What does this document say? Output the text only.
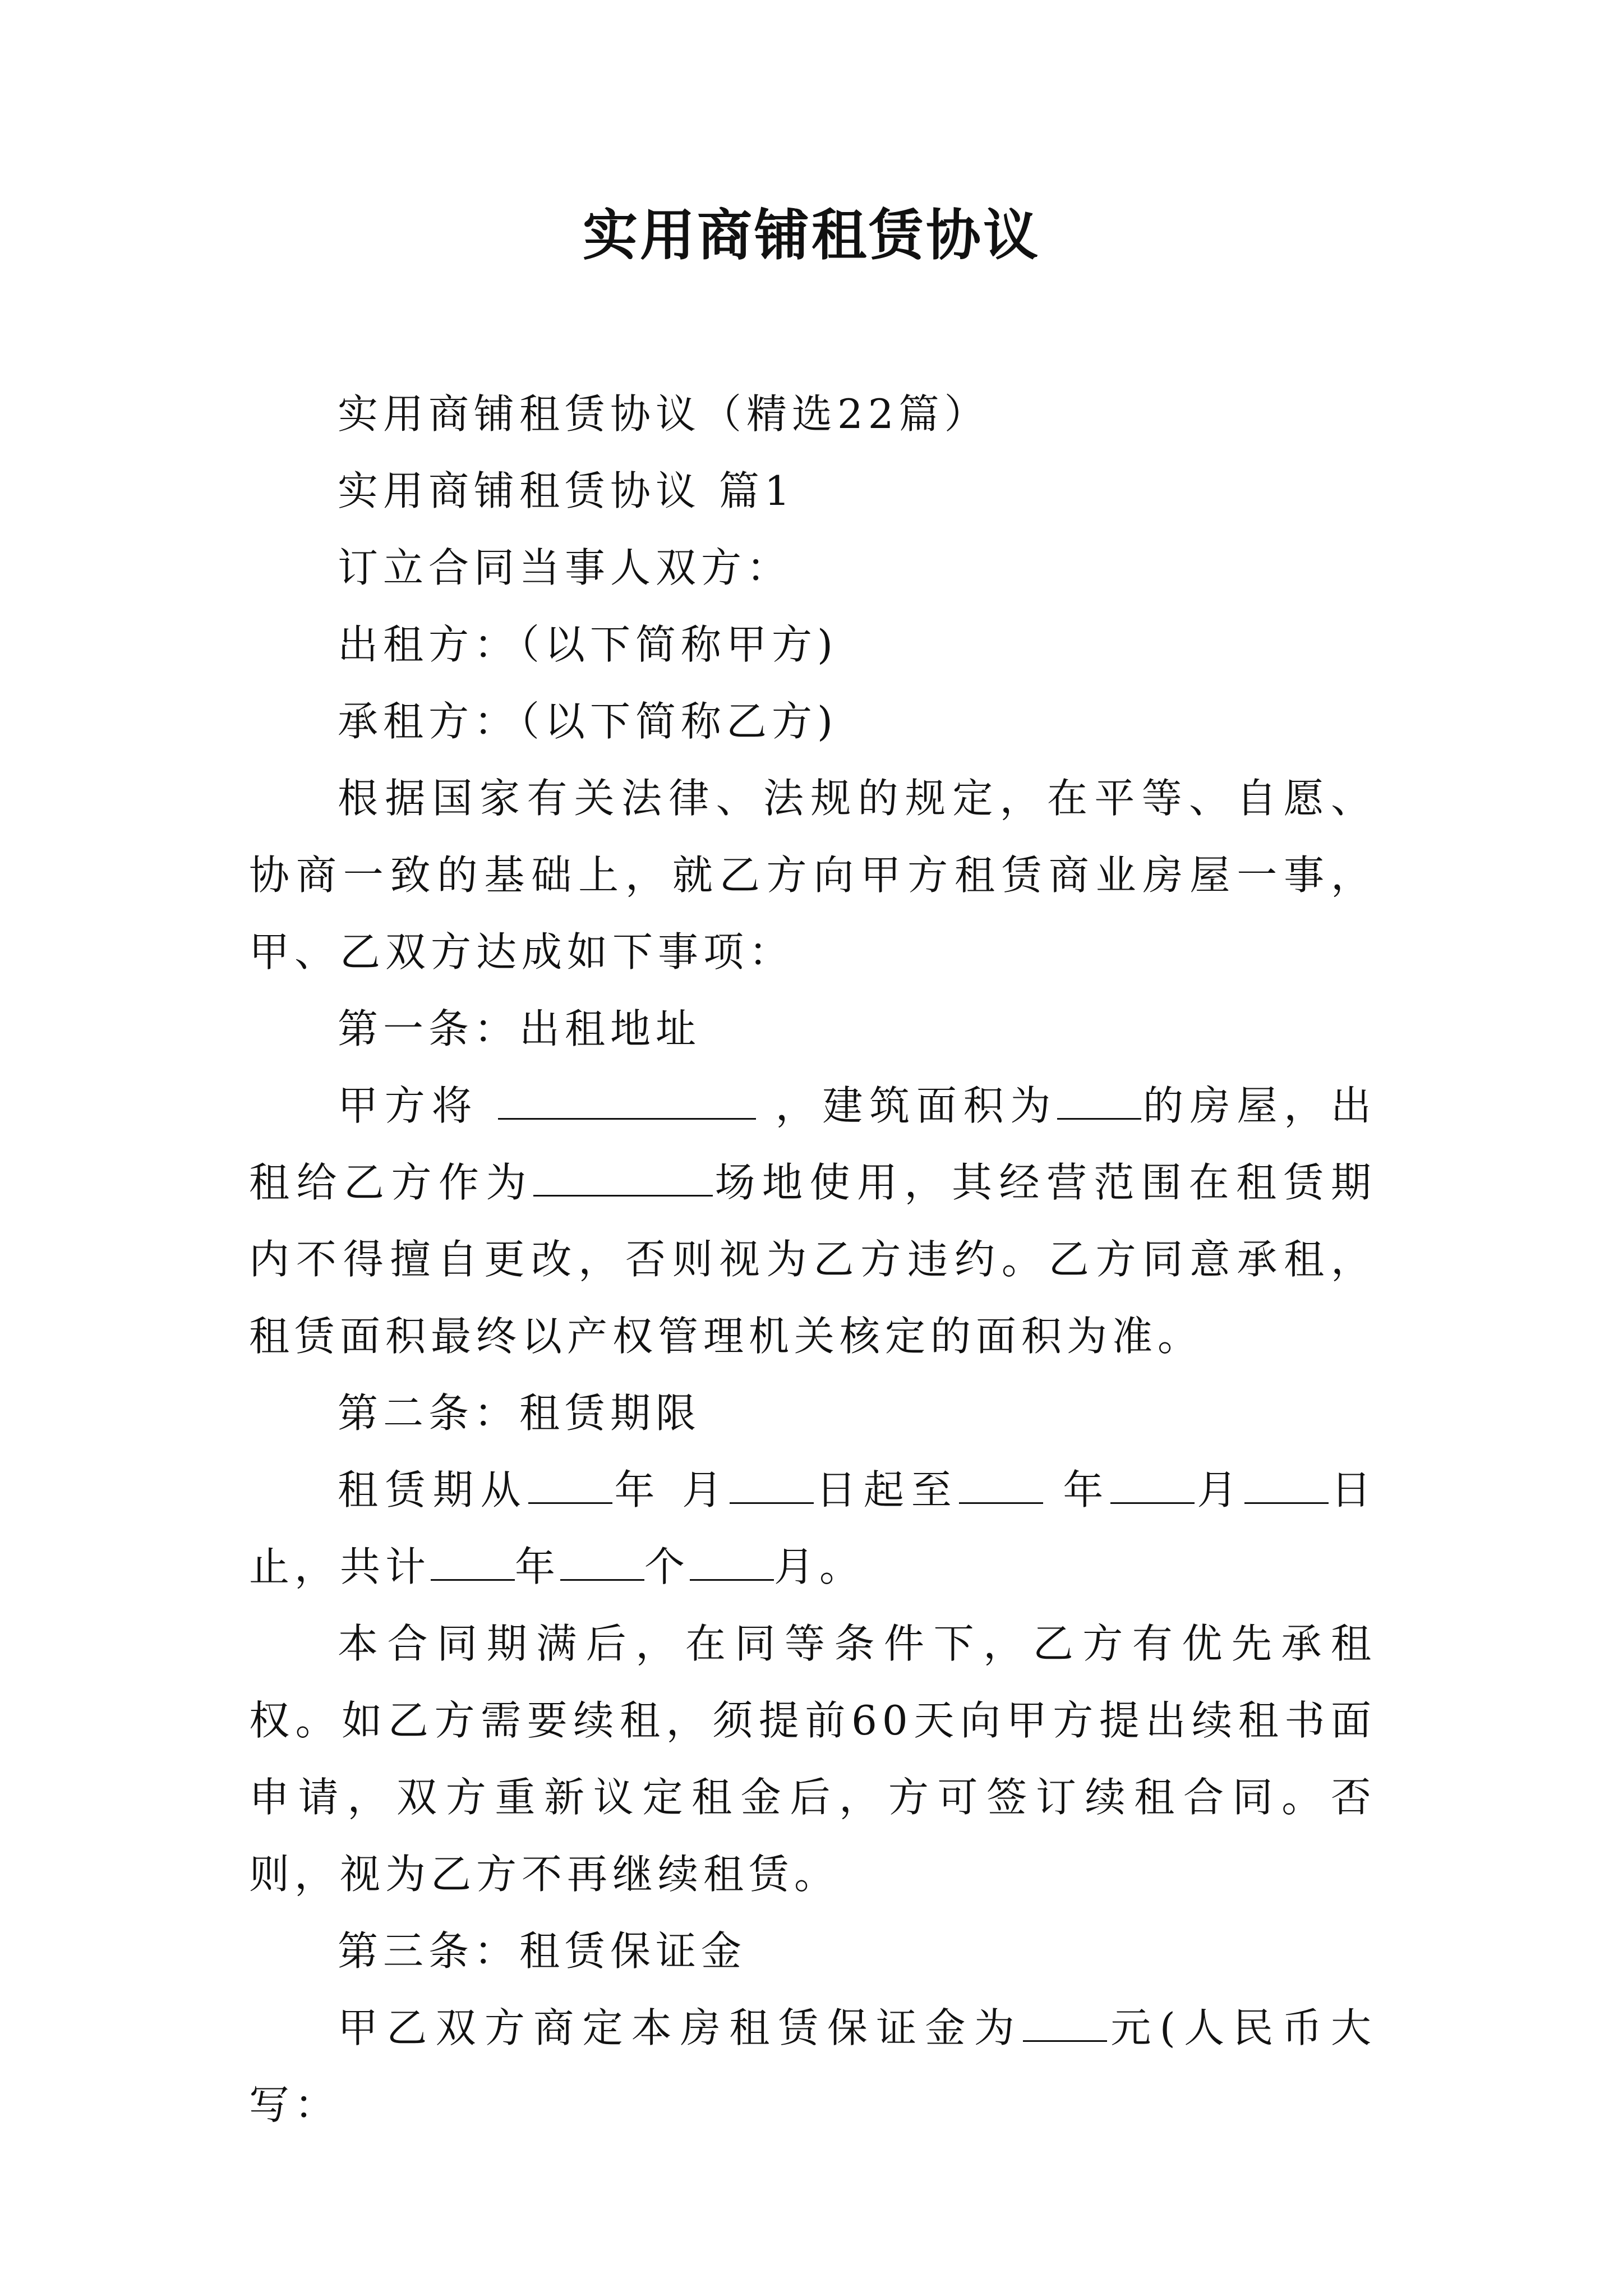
实用商铺租赁协议

实用商铺租赁协议（精选22篇）

实用商铺租赁协议 篇1

订立合同当事人双方：

出租方：（以下简称甲方)

承租方：（以下简称乙方)

根据国家有关法律、法规的规定，在平等、自愿、协商一致的基础上，就乙方向甲方租赁商业房屋一事，甲、乙双方达成如下事项：

第一条：出租地址

甲方将	，建筑面积为 的房屋，出租给乙方作为	场地使用，其经营范围在租赁期内不得擅自更改，否则视为乙方违约。乙方同意承租，租赁面积最终以产权管理机关核定的面积为准。

第二条：租赁期限

租赁期从 年 月 日起至	年 月 日止，共计 年 个 月。

本合同期满后，在同等条件下，乙方有优先承租权。如乙方需要续租，须提前60天向甲方提出续租书面申请，双方重新议定租金后，方可签订续租合同。否则，视为乙方不再继续租赁。

第三条：租赁保证金

甲乙双方商定本房租赁保证金为 元(人民币大写：
